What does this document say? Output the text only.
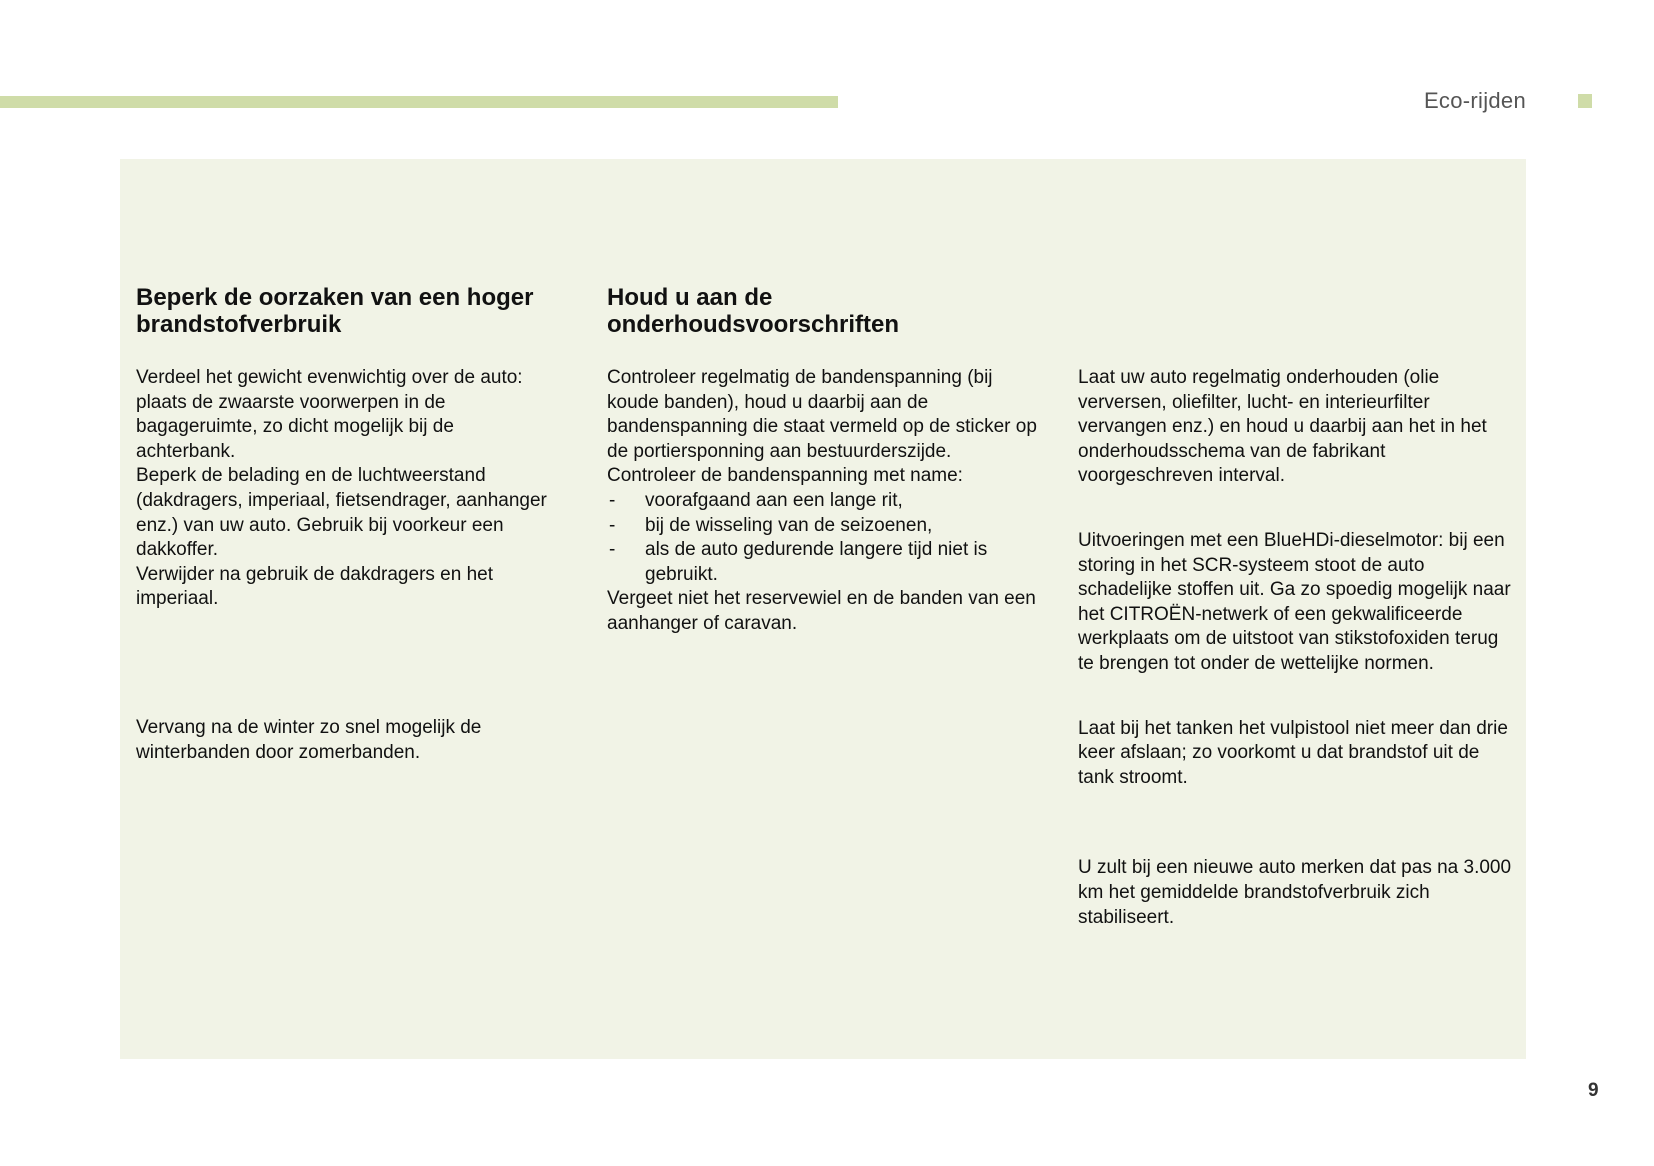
Eco-rijden
Beperk de oorzaken van een hoger brandstofverbruik

Verdeel het gewicht evenwichtig over de auto: plaats de zwaarste voorwerpen in de bagageruimte, zo dicht mogelijk bij de achterbank.

Beperk de belading en de luchtweerstand (dakdragers, imperiaal, fietsendrager, aanhanger enz.) van uw auto. Gebruik bij voorkeur een dakkoffer.

Verwijder na gebruik de dakdragers en het imperiaal.

Vervang na de winter zo snel mogelijk de winterbanden door zomerbanden.

Houd u aan de onderhoudsvoorschriften

Controleer regelmatig de bandenspanning (bij koude banden), houd u daarbij aan de bandenspanning die staat vermeld op de sticker op de portiersponning aan bestuurderszijde.

Controleer de bandenspanning met name:

- voorafgaand aan een lange rit,
- bij de wisseling van de seizoenen,
- als de auto gedurende langere tijd niet is gebruikt.

Vergeet niet het reservewiel en de banden van een aanhanger of caravan.

Laat uw auto regelmatig onderhouden (olie verversen, oliefilter, lucht- en interieurfilter vervangen enz.) en houd u daarbij aan het in het onderhoudsschema van de fabrikant voorgeschreven interval.

Uitvoeringen met een BlueHDi-dieselmotor: bij een storing in het SCR-systeem stoot de auto schadelijke stoffen uit. Ga zo spoedig mogelijk naar het CITROËN-netwerk of een gekwalificeerde werkplaats om de uitstoot van stikstofoxiden terug te brengen tot onder de wettelijke normen.

Laat bij het tanken het vulpistool niet meer dan drie keer afslaan; zo voorkomt u dat brandstof uit de tank stroomt.

U zult bij een nieuwe auto merken dat pas na 3.000 km het gemiddelde brandstofverbruik zich stabiliseert.

9
